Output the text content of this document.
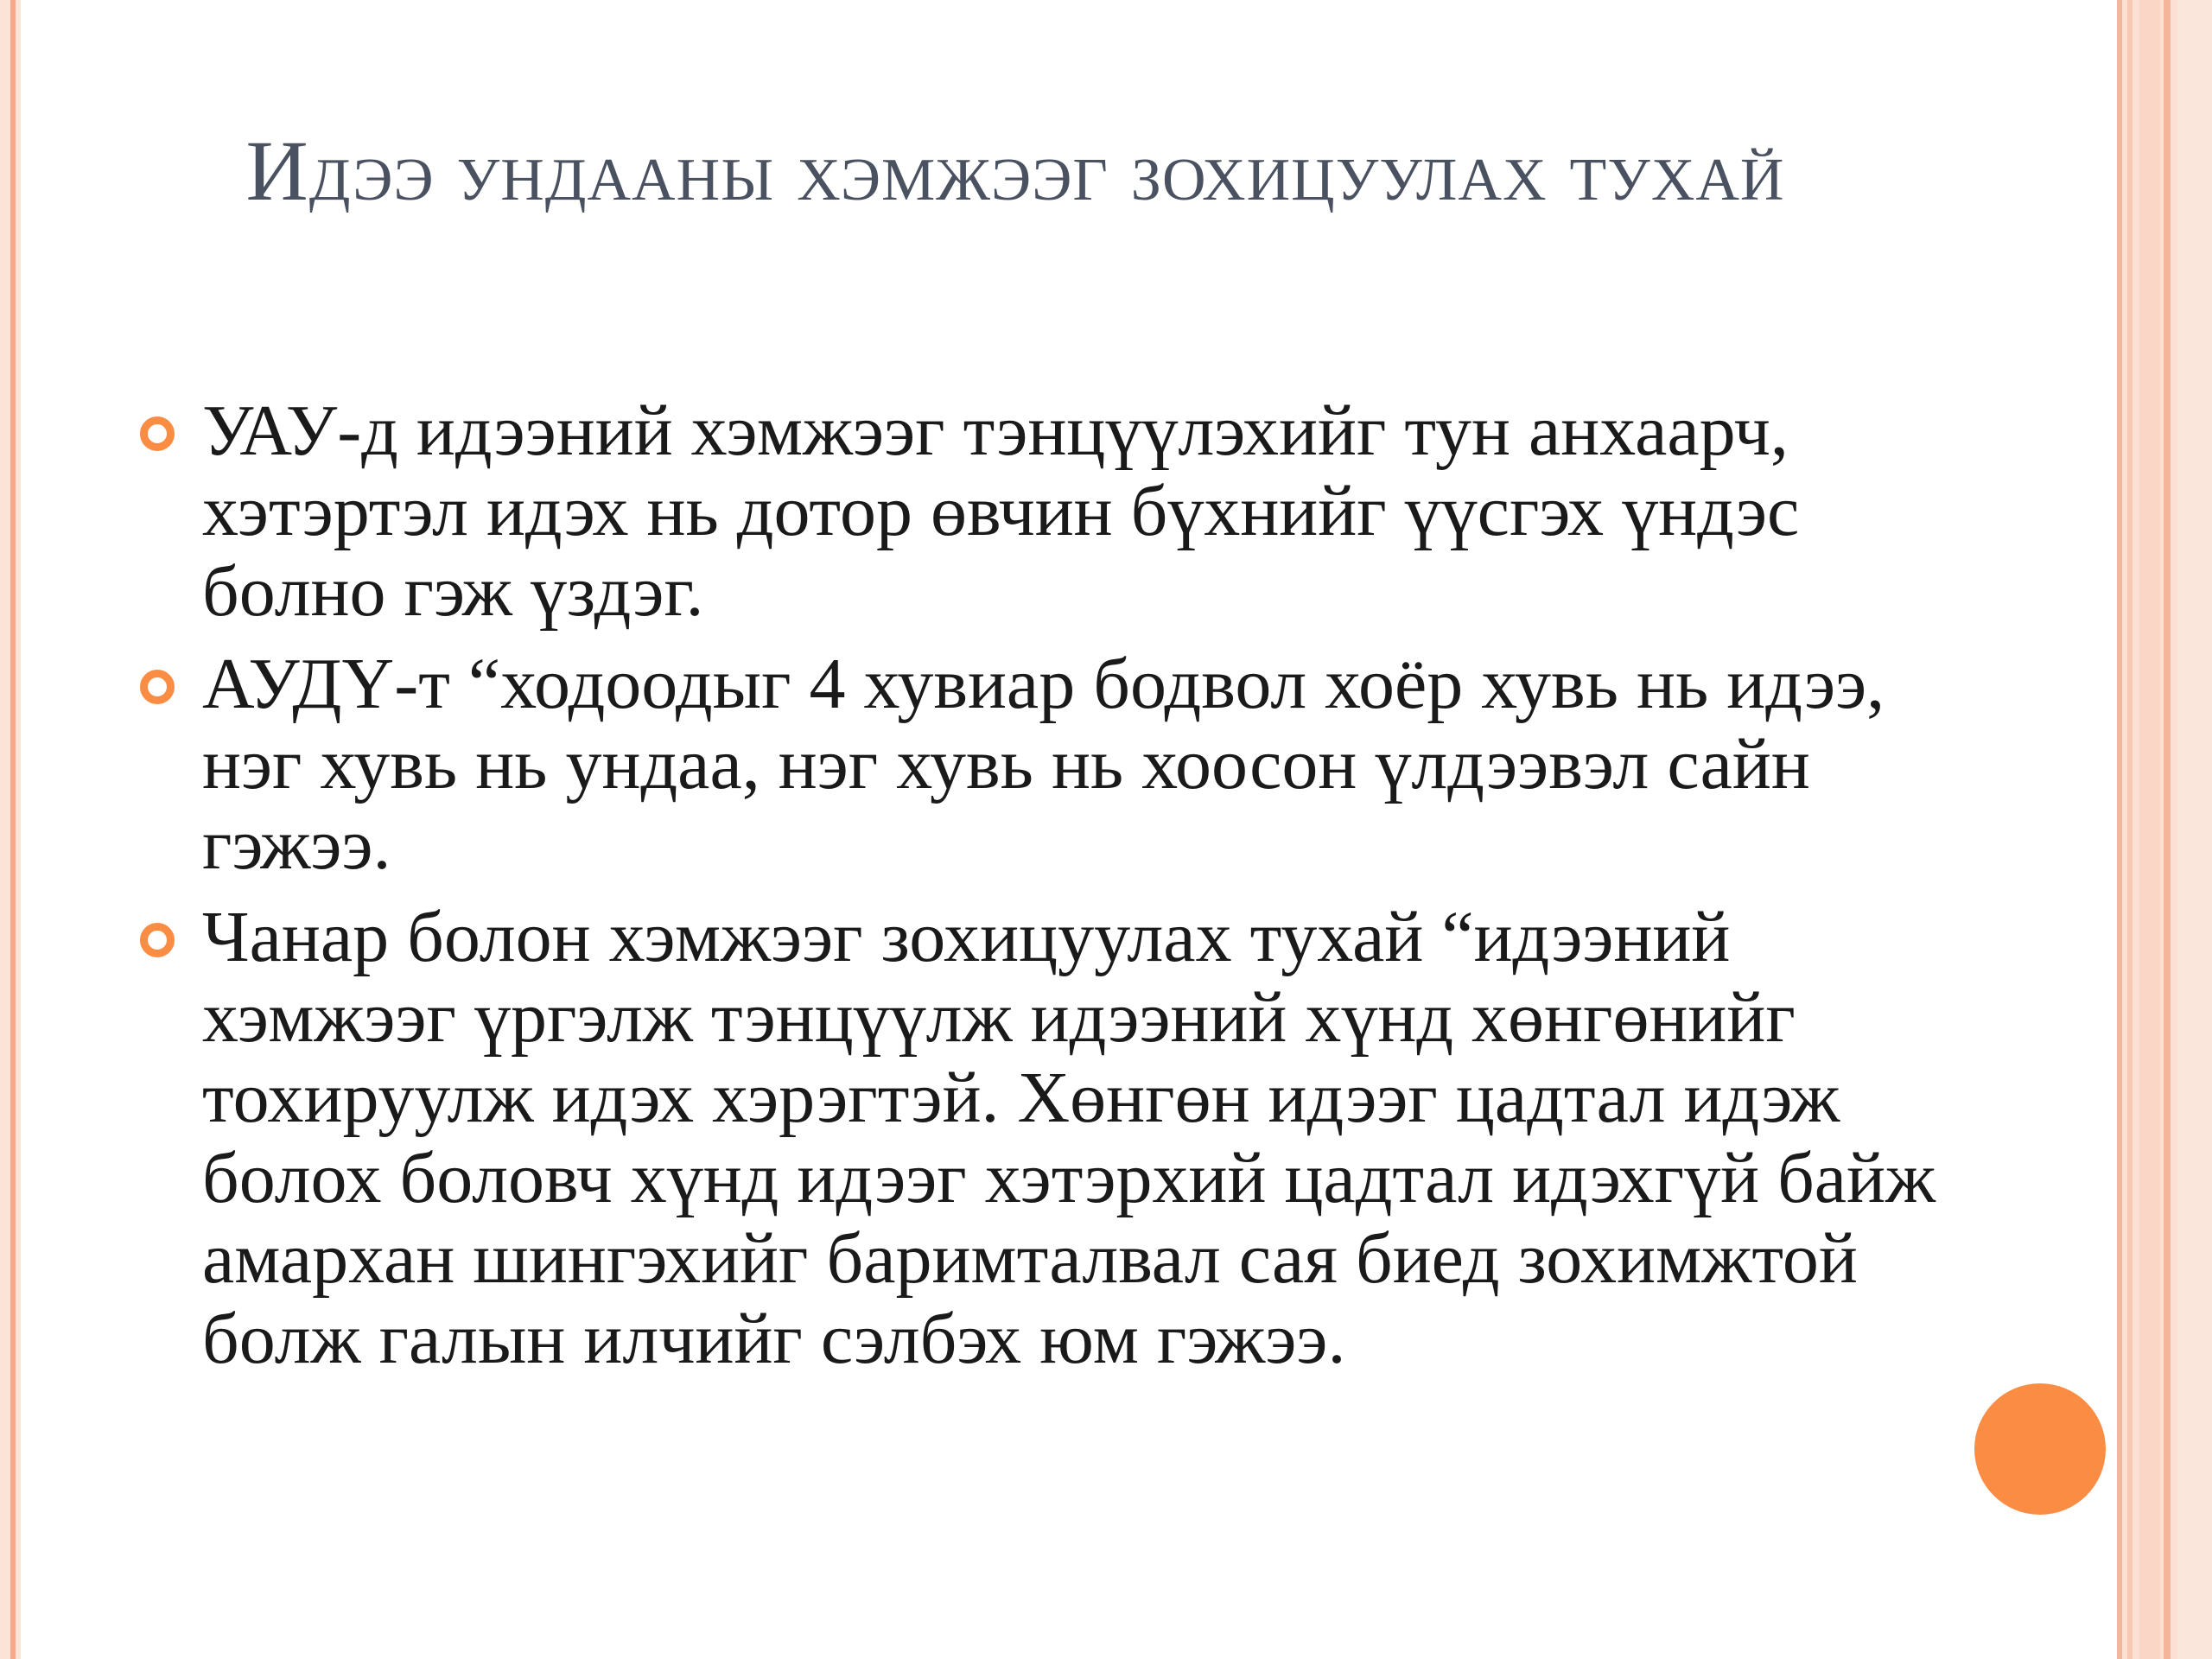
Идээ ундааны хэмжээг зохицуулах тухай
УАУ-д идээний хэмжээг тэнцүүлэхийг тун анхаарч, хэтэртэл идэх нь дотор өвчин бүхнийг үүсгэх үндэс болно гэж үздэг.
АУДҮ-т “ходоодыг 4 хувиар бодвол хоёр хувь нь идээ, нэг хувь нь ундаа, нэг хувь нь хоосон үлдээвэл сайн гэжээ.
Чанар болон хэмжээг зохицуулах тухай “идээний хэмжээг үргэлж тэнцүүлж идээний хүнд хөнгөнийг тохируулж идэх хэрэгтэй. Хөнгөн идээг цадтал идэж болох боловч хүнд идээг хэтэрхий цадтал идэхгүй байж амархан шингэхийг баримталвал сая биед зохимжтой болж галын илчийг сэлбэх юм гэжээ.
